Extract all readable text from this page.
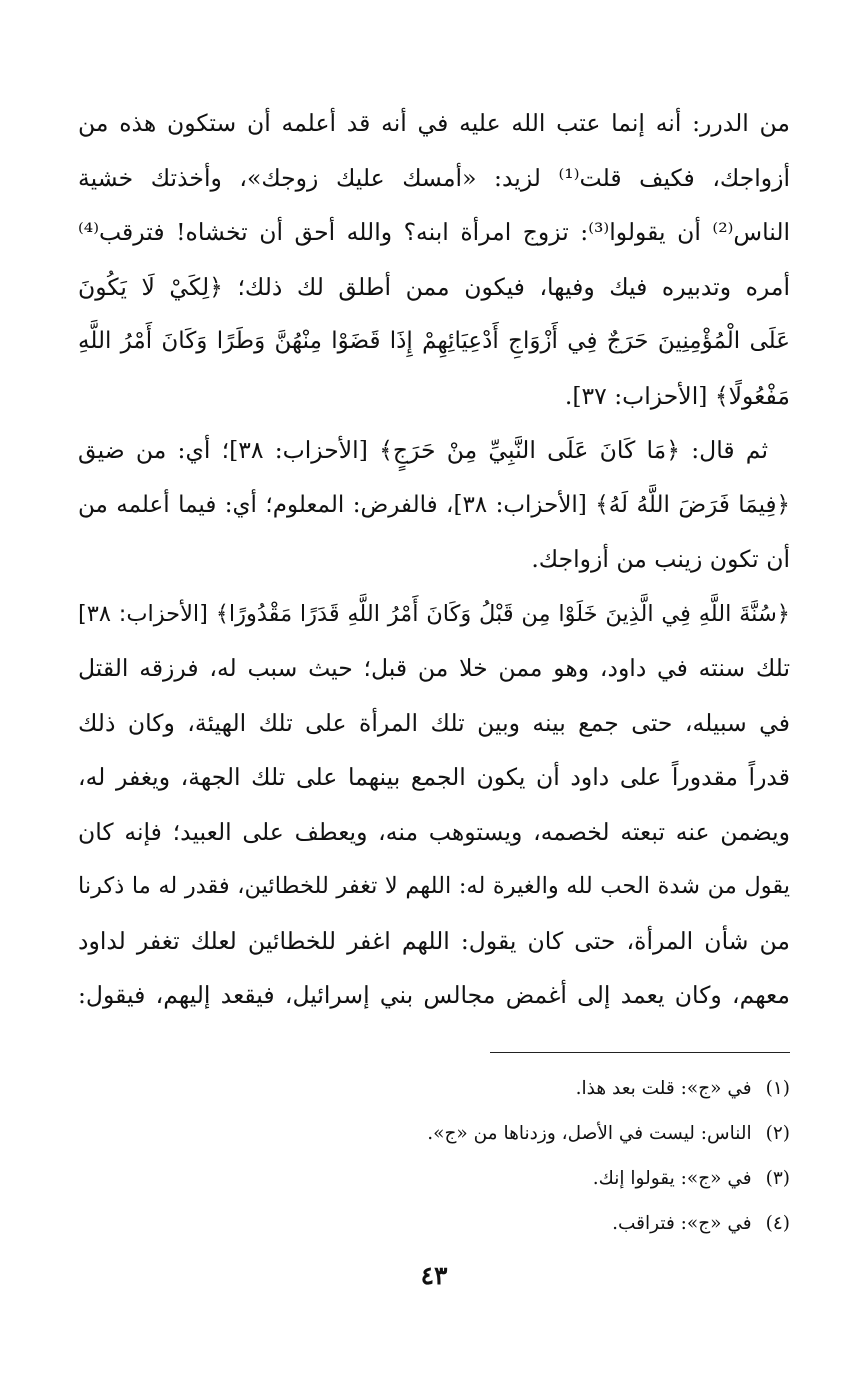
من الدرر: أنه إنما عتب الله عليه في أنه قد أعلمه أن ستكون هذه من
أزواجك، فكيف قلت⁽¹⁾ لزيد: «أمسك عليك زوجك»، وأخذتك خشية
الناس⁽²⁾ أن يقولوا⁽³⁾: تزوج امرأة ابنه؟ والله أحق أن تخشاه! فترقب⁽⁴⁾
أمره وتدبيره فيك وفيها، فيكون ممن أطلق لك ذلك؛ ﴿لِكَيْ لَا يَكُونَ
عَلَى الْمُؤْمِنِينَ حَرَجٌ فِي أَزْوَاجِ أَدْعِيَائِهِمْ إِذَا قَضَوْا مِنْهُنَّ وَطَرًا وَكَانَ أَمْرُ اللَّهِ
مَفْعُولًا﴾ [الأحزاب: ٣٧].
ثم قال: ﴿مَا كَانَ عَلَى النَّبِيِّ مِنْ حَرَجٍ﴾ [الأحزاب: ٣٨]؛ أي: من ضيق
﴿فِيمَا فَرَضَ اللَّهُ لَهُ﴾ [الأحزاب: ٣٨]، فالفرض: المعلوم؛ أي: فيما أعلمه من
أن تكون زينب من أزواجك.
﴿سُنَّةَ اللَّهِ فِي الَّذِينَ خَلَوْا مِن قَبْلُ وَكَانَ أَمْرُ اللَّهِ قَدَرًا مَقْدُورًا﴾ [الأحزاب: ٣٨]
تلك سنته في داود، وهو ممن خلا من قبل؛ حيث سبب له، فرزقه القتل
في سبيله، حتى جمع بينه وبين تلك المرأة على تلك الهيئة، وكان ذلك
قدراً مقدوراً على داود أن يكون الجمع بينهما على تلك الجهة، ويغفر له،
ويضمن عنه تبعته لخصمه، ويستوهب منه، ويعطف على العبيد؛ فإنه كان
يقول من شدة الحب لله والغيرة له: اللهم لا تغفر للخطائين، فقدر له ما ذكرنا
من شأن المرأة، حتى كان يقول: اللهم اغفر للخطائين لعلك تغفر لداود
معهم، وكان يعمد إلى أغمض مجالس بني إسرائيل، فيقعد إليهم، فيقول:
(١)في «ج»: قلت بعد هذا.
(٢)الناس: ليست في الأصل، وزدناها من «ج».
(٣)في «ج»: يقولوا إنك.
(٤)في «ج»: فتراقب.
٤٣
